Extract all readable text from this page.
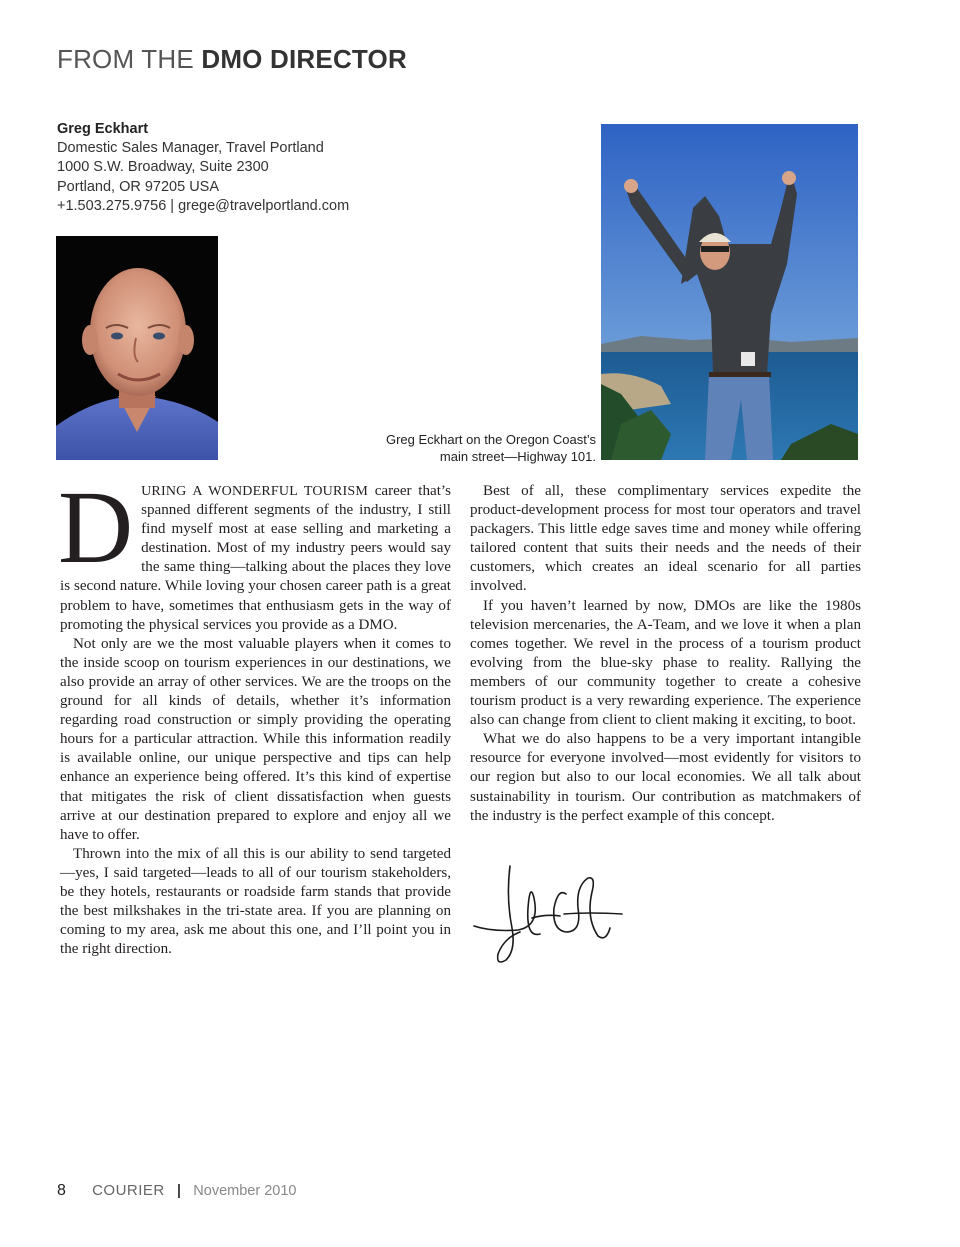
FROM THE DMO DIRECTOR
Greg Eckhart
Domestic Sales Manager, Travel Portland
1000 S.W. Broadway, Suite 2300
Portland, OR 97205 USA
+1.503.275.9756 | grege@travelportland.com
Greg Eckhart on the Oregon Coast’s
main street—Highway 101.

DURING A WONDERFUL TOURISM career that’s spanned different segments of the industry, I still find myself most at ease selling and marketing a destination. Most of my industry peers would say the same thing—talking about the places they love is second nature. While loving your chosen career path is a great problem to have, sometimes that enthusiasm gets in the way of promoting the physical services you provide as a DMO.

Not only are we the most valuable players when it comes to the inside scoop on tourism experiences in our destinations, we also provide an array of other services. We are the troops on the ground for all kinds of details, whether it’s information regarding road construction or simply providing the operating hours for a particular attraction. While this information readily is available online, our unique perspective and tips can help enhance an experience being offered. It’s this kind of expertise that mitigates the risk of client dissatisfaction when guests arrive at our destination prepared to explore and enjoy all we have to offer.

Thrown into the mix of all this is our ability to send targeted—yes, I said targeted—leads to all of our tourism stakeholders, be they hotels, restaurants or roadside farm stands that provide the best milkshakes in the tri-state area. If you are planning on coming to my area, ask me about this one, and I’ll point you in the right direction.

Best of all, these complimentary services expedite the product-development process for most tour operators and travel packagers. This little edge saves time and money while offering tailored content that suits their needs and the needs of their customers, which creates an ideal scenario for all parties involved.

If you haven’t learned by now, DMOs are like the 1980s television mercenaries, the A-Team, and we love it when a plan comes together. We revel in the process of a tourism product evolving from the blue-sky phase to reality. Rallying the members of our community together to create a cohesive tourism product is a very rewarding experience. The experience also can change from client to client making it exciting, to boot.

What we do also happens to be a very important intangible resource for everyone involved—most evidently for visitors to our region but also to our local economies. We all talk about sustainability in tourism. Our contribution as matchmakers of the industry is the perfect example of this concept.

8 COURIER | November 2010
